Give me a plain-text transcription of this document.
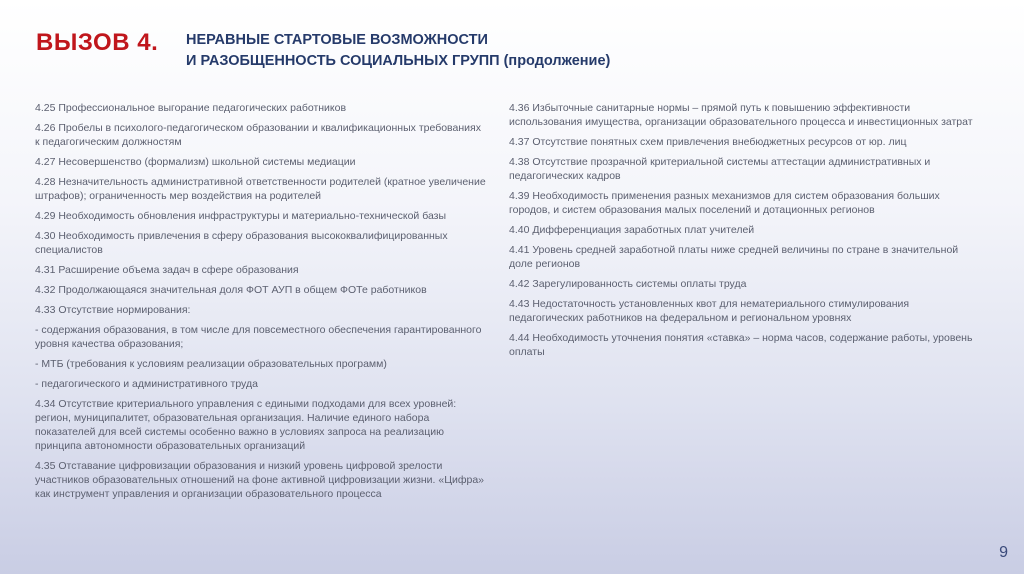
ВЫЗОВ 4. НЕРАВНЫЕ СТАРТОВЫЕ ВОЗМОЖНОСТИ
И РАЗОБЩЕННОСТЬ СОЦИАЛЬНЫХ ГРУПП (продолжение)

4.25 Профессиональное выгорание педагогических работников

4.26 Пробелы в психолого-педагогическом образовании и квалификационных требованиях к педагогическим должностям

4.27 Несовершенство (формализм) школьной системы медиации

4.28 Незначительность административной ответственности родителей (кратное увеличение штрафов); ограниченность мер воздействия на родителей

4.29 Необходимость обновления инфраструктуры и материально-технической базы

4.30 Необходимость привлечения в сферу образования высококвалифицированных специалистов

4.31 Расширение объема задач в сфере образования

4.32 Продолжающаяся значительная доля ФОТ АУП в общем ФОТе работников

4.33 Отсутствие нормирования:

- содержания образования, в том числе для повсеместного обеспечения гарантированного уровня качества образования;

- МТБ (требования к условиям реализации образовательных программ)

- педагогического и административного труда

4.34 Отсутствие критериального управления с едиными подходами для всех уровней: регион, муниципалитет, образовательная организация. Наличие единого набора показателей для всей системы особенно важно в условиях запроса на реализацию принципа автономности образовательных организаций

4.35 Отставание цифровизации образования и низкий уровень цифровой зрелости участников образовательных отношений на фоне активной цифровизации жизни. «Цифра» как инструмент управления и организации образовательного процесса

4.36 Избыточные санитарные нормы – прямой путь к повышению эффективности использования имущества, организации образовательного процесса и инвестиционных затрат

4.37 Отсутствие понятных схем привлечения внебюджетных ресурсов от юр. лиц

4.38 Отсутствие прозрачной критериальной системы аттестации административных и педагогических кадров

4.39 Необходимость применения разных механизмов для систем образования больших городов, и систем образования малых поселений и дотационных регионов

4.40 Дифференциация заработных плат учителей

4.41 Уровень средней заработной платы ниже средней величины по стране в значительной доле регионов

4.42 Зарегулированность системы оплаты труда

4.43 Недостаточность установленных квот для нематериального стимулирования педагогических работников на федеральном и региональном уровнях

4.44 Необходимость уточнения понятия «ставка» – норма часов, содержание работы, уровень оплаты

9
